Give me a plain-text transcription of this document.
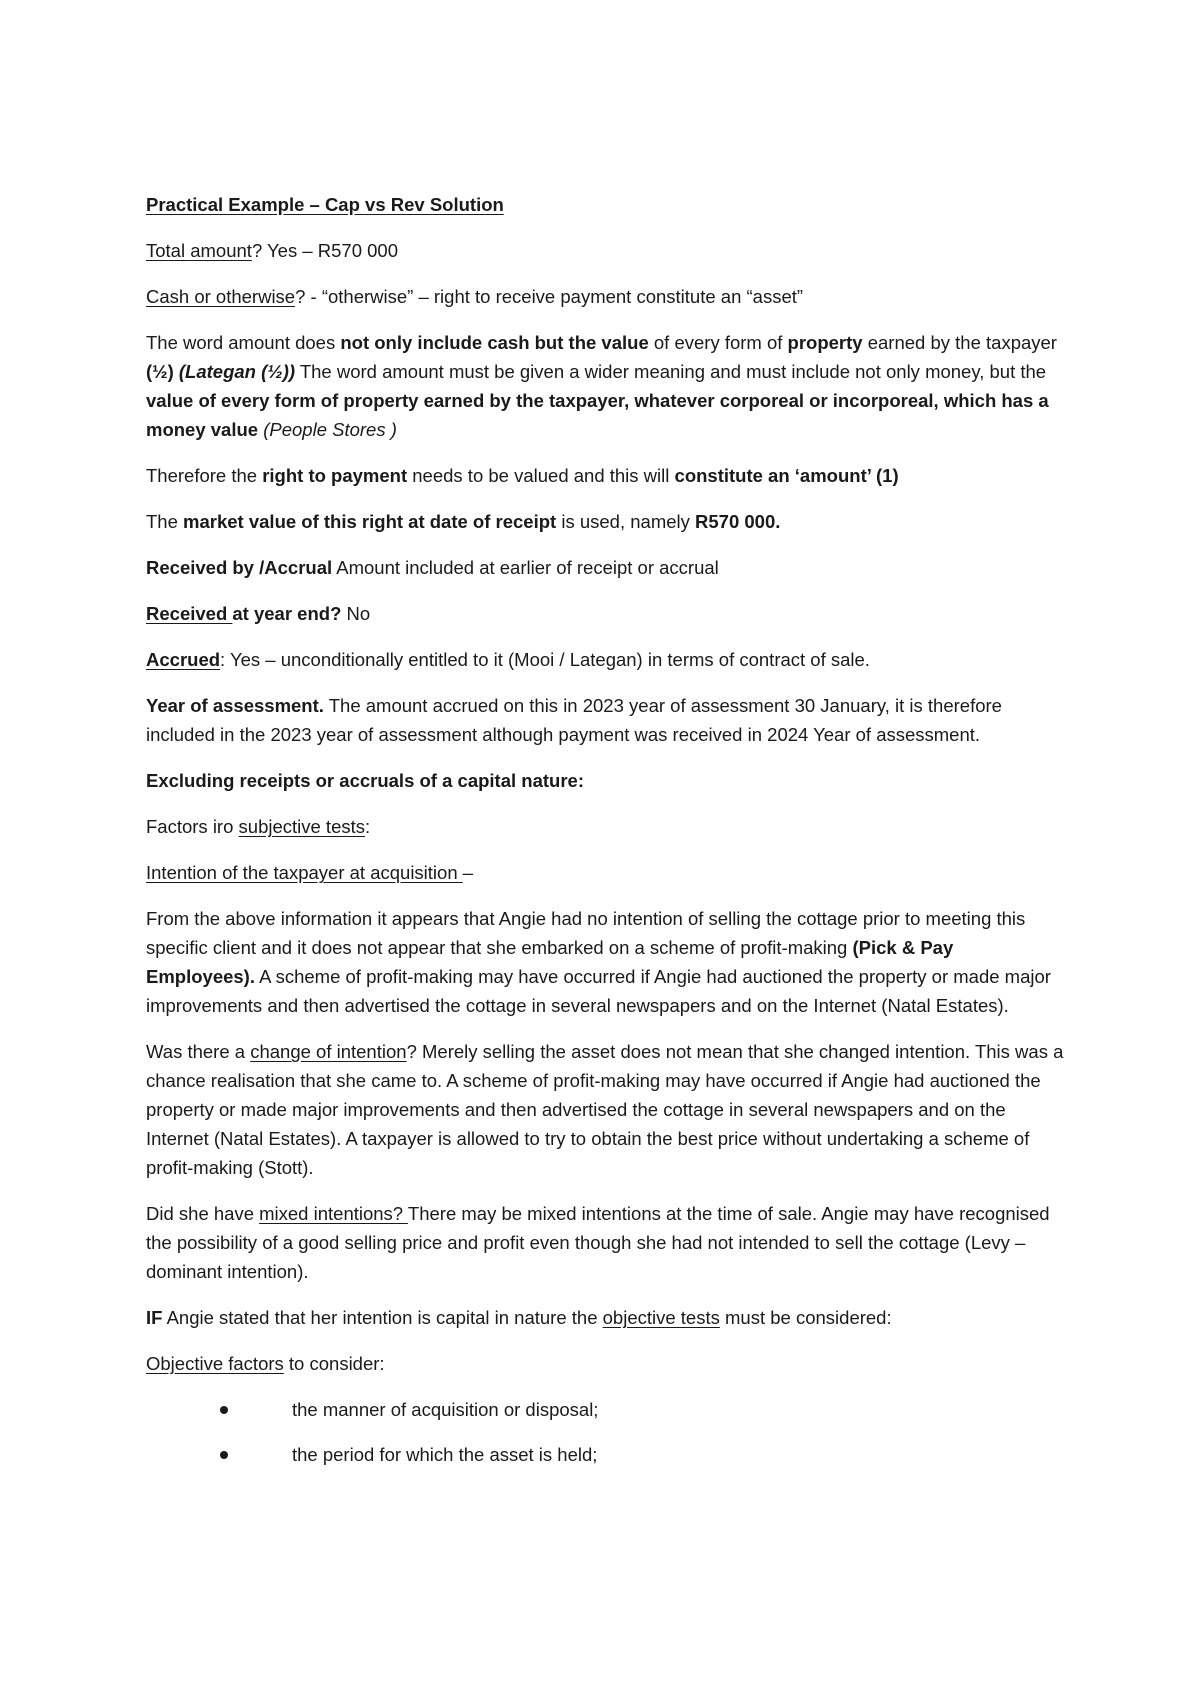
Practical Example – Cap vs Rev Solution

Total amount? Yes – R570 000

Cash or otherwise? - “otherwise” – right to receive payment constitute an “asset”

The word amount does not only include cash but the value of every form of property earned by the taxpayer (½) (Lategan (½)) The word amount must be given a wider meaning and must include not only money, but the value of every form of property earned by the taxpayer, whatever corporeal or incorporeal, which has a money value (People Stores )

Therefore the right to payment needs to be valued and this will constitute an ‘amount’ (1)

The market value of this right at date of receipt is used, namely R570 000.

Received by /Accrual Amount included at earlier of receipt or accrual

Received at year end? No

Accrued: Yes – unconditionally entitled to it (Mooi / Lategan) in terms of contract of sale.

Year of assessment. The amount accrued on this in 2023 year of assessment 30 January, it is therefore included in the 2023 year of assessment although payment was received in 2024 Year of assessment.

Excluding receipts or accruals of a capital nature:

Factors iro subjective tests:

Intention of the taxpayer at acquisition –

From the above information it appears that Angie had no intention of selling the cottage prior to meeting this specific client and it does not appear that she embarked on a scheme of profit-making (Pick & Pay Employees). A scheme of profit-making may have occurred if Angie had auctioned the property or made major improvements and then advertised the cottage in several newspapers and on the Internet (Natal Estates).

Was there a change of intention? Merely selling the asset does not mean that she changed intention. This was a chance realisation that she came to. A scheme of profit-making may have occurred if Angie had auctioned the property or made major improvements and then advertised the cottage in several newspapers and on the Internet (Natal Estates). A taxpayer is allowed to try to obtain the best price without undertaking a scheme of profit-making (Stott).

Did she have mixed intentions? There may be mixed intentions at the time of sale. Angie may have recognised the possibility of a good selling price and profit even though she had not intended to sell the cottage (Levy – dominant intention).

IF Angie stated that her intention is capital in nature the objective tests must be considered:

Objective factors to consider:

the manner of acquisition or disposal;
the period for which the asset is held;
